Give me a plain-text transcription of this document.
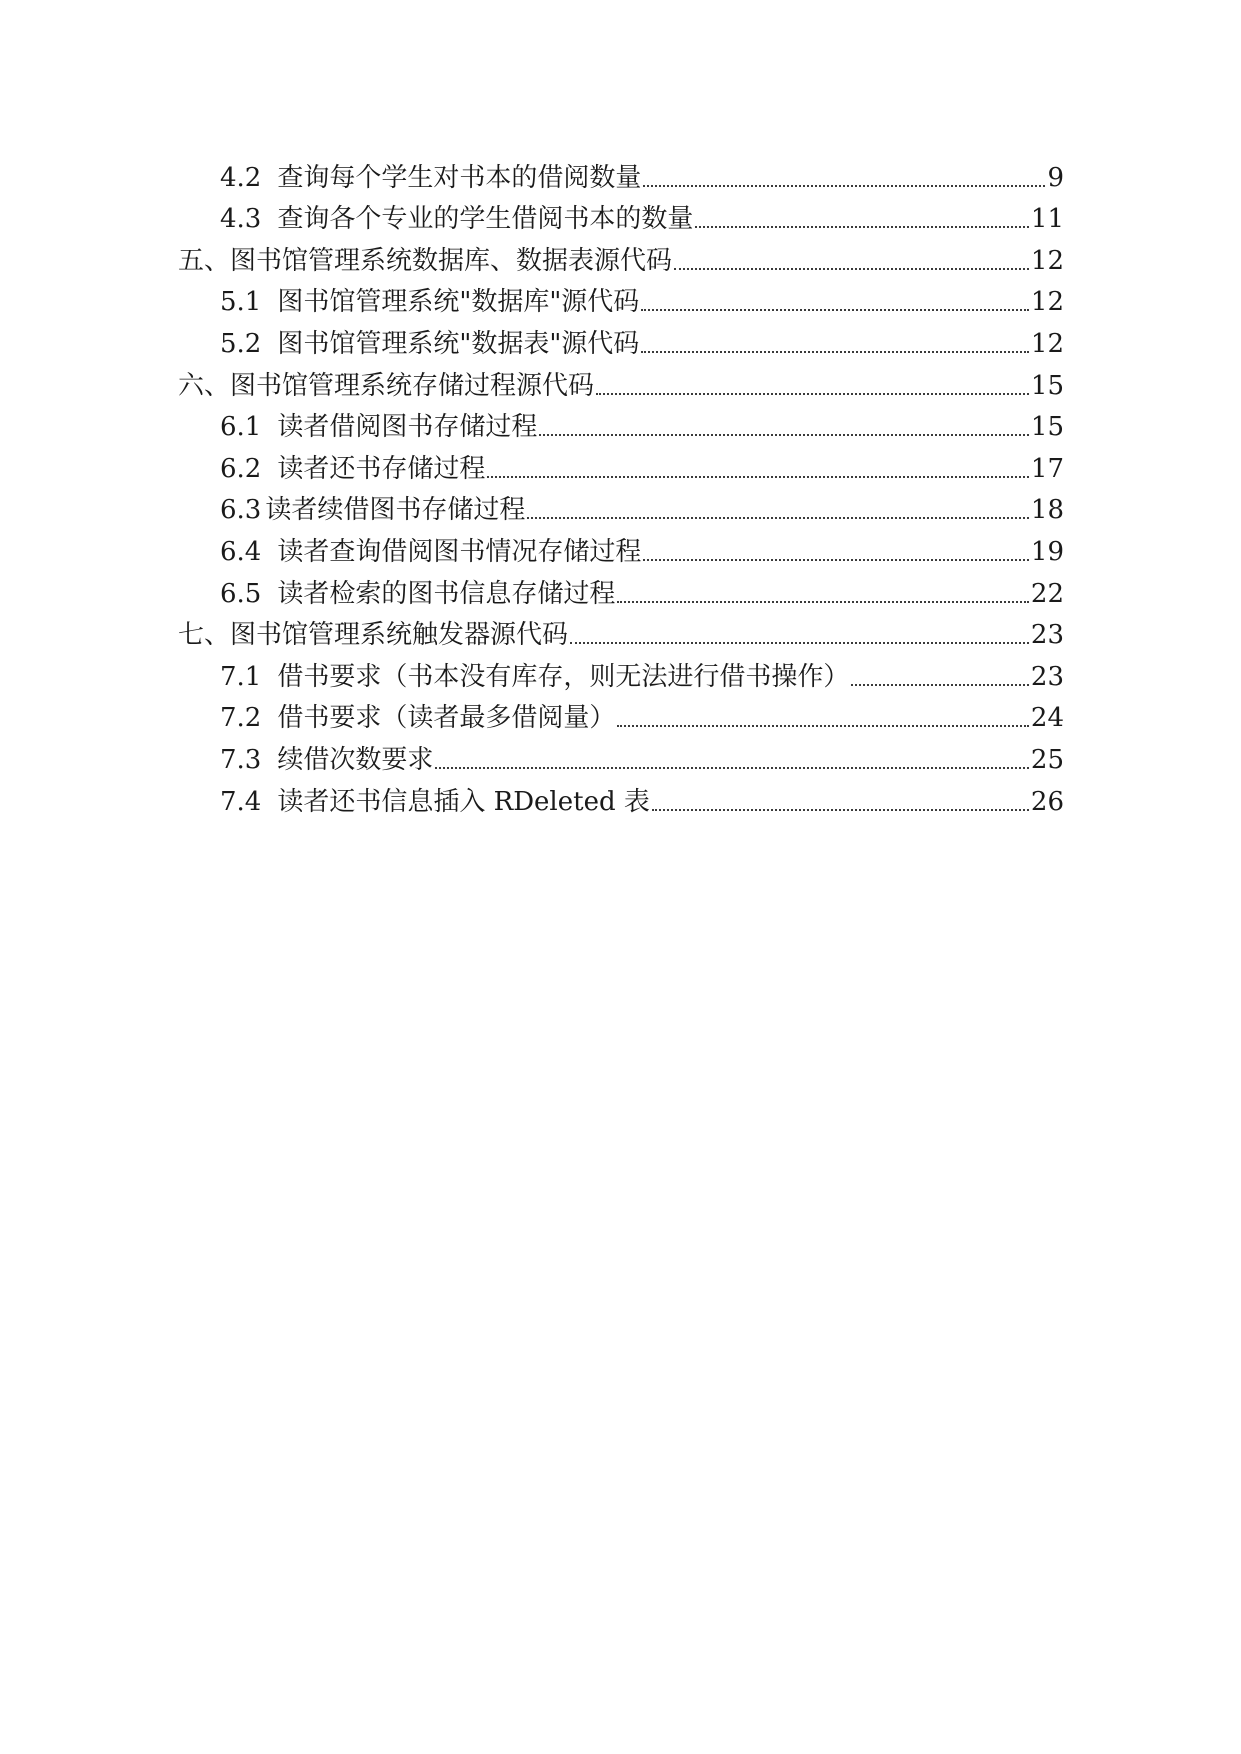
4.2 查询每个学生对书本的借阅数量	9
4.3 查询各个专业的学生借阅书本的数量	11
五、图书馆管理系统数据库、数据表源代码	12
5.1 图书馆管理系统"数据库"源代码	12
5.2 图书馆管理系统"数据表"源代码	12
六、图书馆管理系统存储过程源代码	15
6.1 读者借阅图书存储过程	15
6.2 读者还书存储过程	17
6.3 读者续借图书存储过程	18
6.4 读者查询借阅图书情况存储过程	19
6.5 读者检索的图书信息存储过程	22
七、图书馆管理系统触发器源代码	23
7.1 借书要求（书本没有库存，则无法进行借书操作）	23
7.2 借书要求（读者最多借阅量）	24
7.3 续借次数要求	25
7.4 读者还书信息插入 RDeleted 表	26
